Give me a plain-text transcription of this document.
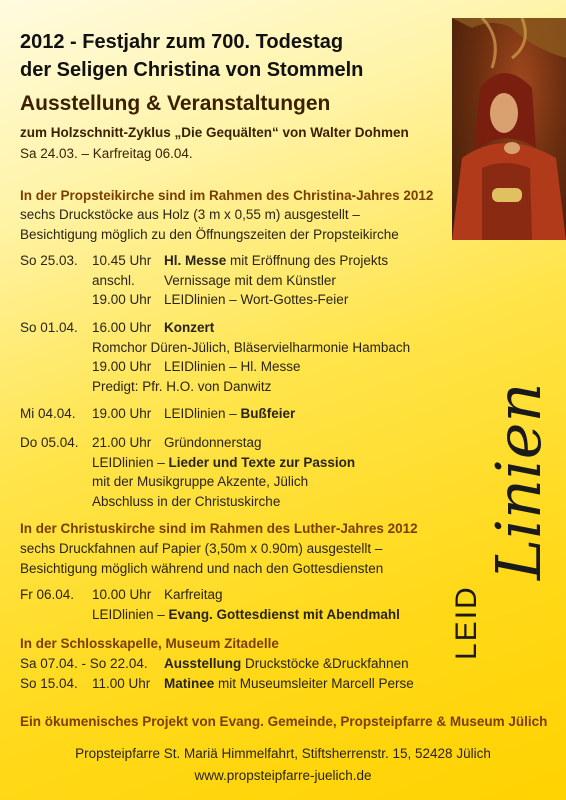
2012 - Festjahr zum 700. Todestag
der Seligen Christina von Stommeln
Ausstellung & Veranstaltungen
zum Holzschnitt-Zyklus „Die Gequälten“ von Walter Dohmen
Sa 24.03. – Karfreitag 06.04.
In der Propsteikirche sind im Rahmen des Christina-Jahres 2012
sechs Druckstöcke aus Holz (3 m x 0,55 m) ausgestellt –
Besichtigung möglich zu den Öffnungszeiten der Propsteikirche
So 25.03. 10.45 Uhr Hl. Messe mit Eröffnung des Projekts
anschl. Vernissage mit dem Künstler
19.00 Uhr LEIDlinien – Wort-Gottes-Feier
So 01.04. 16.00 Uhr Konzert
Romchor Düren-Jülich, Bläservielharmonie Hambach
19.00 Uhr LEIDlinien – Hl. Messe
Predigt: Pfr. H.O. von Danwitz
Mi 04.04. 19.00 Uhr LEIDlinien – Bußfeier
Do 05.04. 21.00 Uhr Gründonnerstag
LEIDlinien – Lieder und Texte zur Passion
mit der Musikgruppe Akzente, Jülich
Abschluss in der Christuskirche
In der Christuskirche sind im Rahmen des Luther-Jahres 2012
sechs Druckfahnen auf Papier (3,50m x 0.90m) ausgestellt –
Besichtigung möglich während und nach den Gottesdiensten
Fr 06.04. 10.00 Uhr Karfreitag
LEIDlinien – Evang. Gottesdienst mit Abendmahl
In der Schlosskapelle, Museum Zitadelle
Sa 07.04. - So 22.04. Ausstellung Druckstöcke &Druckfahnen
So 15.04. 11.00 Uhr Matinee mit Museumsleiter Marcell Perse
LEID
Linien
Ein ökumenisches Projekt von Evang. Gemeinde, Propsteipfarre & Museum Jülich
Propsteipfarre St. Mariä Himmelfahrt, Stiftsherrenstr. 15, 52428 Jülich
www.propsteipfarre-juelich.de
